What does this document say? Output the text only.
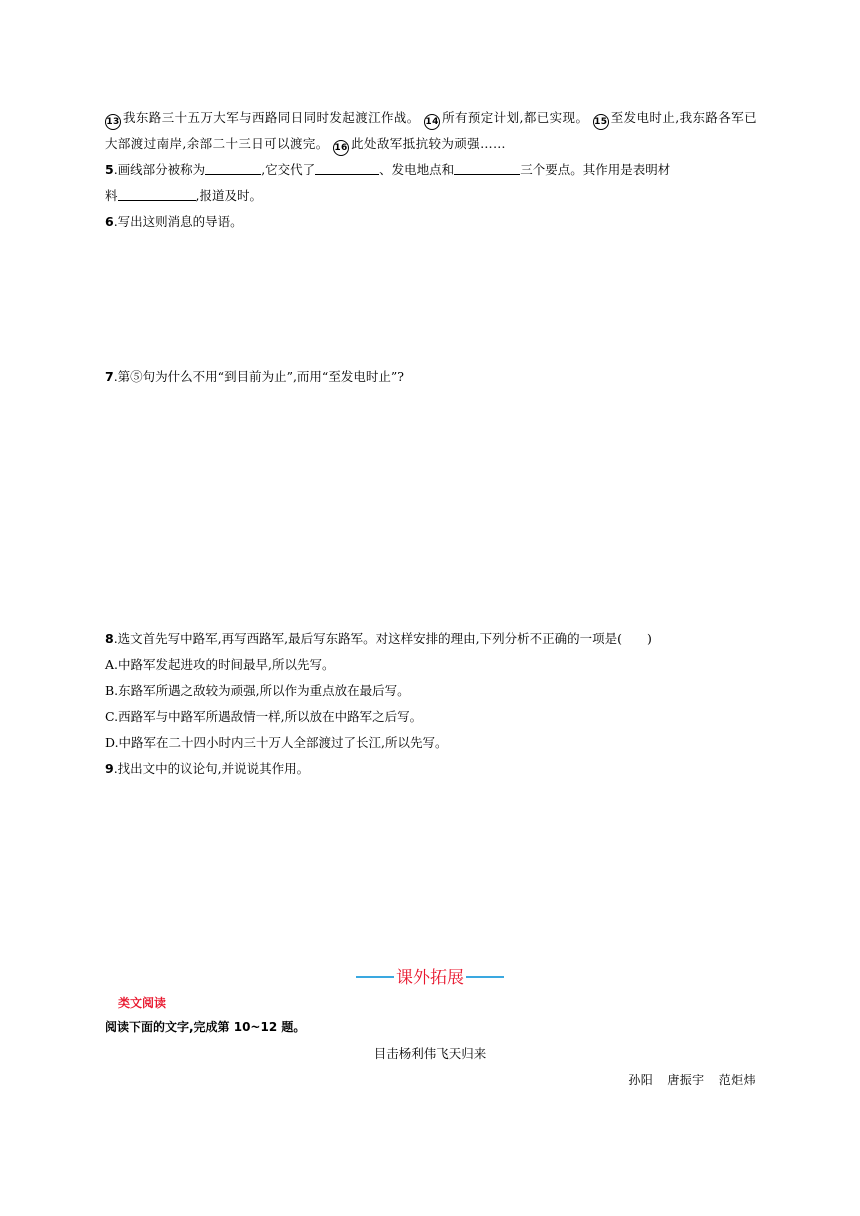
13 我东路三十五万大军与西路同日同时发起渡江作战。 14 所有预定计划,都已实现。 15 至发电时止,我东路各军已
大部渡过南岸,余部二十三日可以渡完。 16 此处敌军抵抗较为顽强……
5.画线部分被称为	,它交代了	、发电地点和	三个要点。其作用是表明材
料	,报道及时。
6.写出这则消息的导语。
7.第⑤句为什么不用“到目前为止”,而用“至发电时止”?
8.选文首先写中路军,再写西路军,最后写东路军。对这样安排的理由,下列分析不正确的一项是(　　)
A.中路军发起进攻的时间最早,所以先写。
B.东路军所遇之敌较为顽强,所以作为重点放在最后写。
C.西路军与中路军所遇敌情一样,所以放在中路军之后写。
D.中路军在二十四小时内三十万人全部渡过了长江,所以先写。
9.找出文中的议论句,并说说其作用。
课外拓展
类文阅读
阅读下面的文字,完成第 10~12 题。
目击杨利伟飞天归来
孙阳 唐振宇 范炬炜
